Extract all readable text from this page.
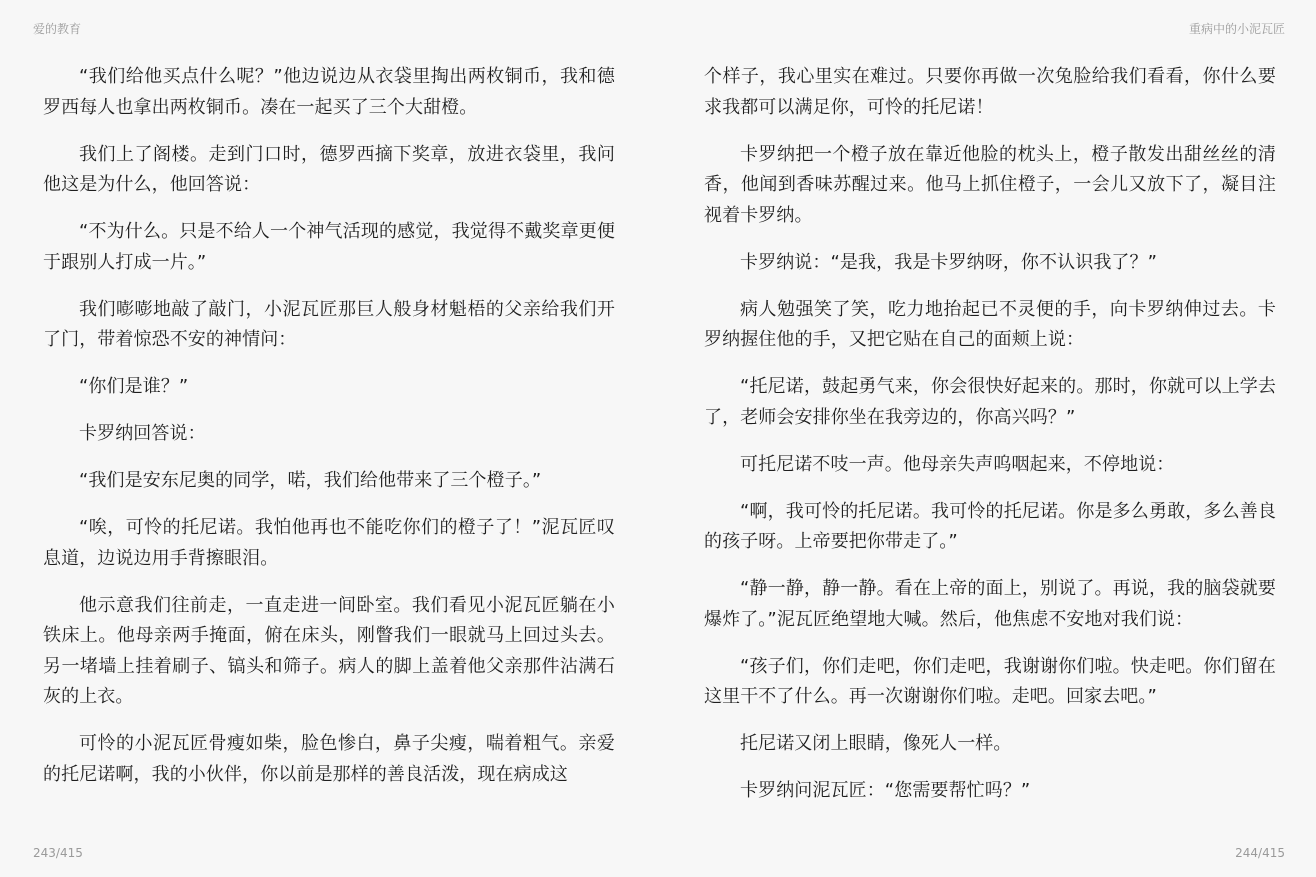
爱的教育	重病中的小泥瓦匠

“我们给他买点什么呢？”他边说边从衣袋里掏出两枚铜币，我和德罗西每人也拿出两枚铜币。凑在一起买了三个大甜橙。

我们上了阁楼。走到门口时，德罗西摘下奖章，放进衣袋里，我问他这是为什么，他回答说：

“不为什么。只是不给人一个神气活现的感觉，我觉得不戴奖章更便于跟别人打成一片。”

我们嘭嘭地敲了敲门，小泥瓦匠那巨人般身材魁梧的父亲给我们开了门，带着惊恐不安的神情问：

“你们是谁？”

卡罗纳回答说：

“我们是安东尼奥的同学，喏，我们给他带来了三个橙子。”

“唉，可怜的托尼诺。我怕他再也不能吃你们的橙子了！”泥瓦匠叹息道，边说边用手背擦眼泪。

他示意我们往前走，一直走进一间卧室。我们看见小泥瓦匠躺在小铁床上。他母亲两手掩面，俯在床头，刚瞥我们一眼就马上回过头去。另一堵墙上挂着刷子、镐头和筛子。病人的脚上盖着他父亲那件沾满石灰的上衣。

可怜的小泥瓦匠骨瘦如柴，脸色惨白，鼻子尖瘦，喘着粗气。亲爱的托尼诺啊，我的小伙伴，你以前是那样的善良活泼，现在病成这

个样子，我心里实在难过。只要你再做一次兔脸给我们看看，你什么要求我都可以满足你，可怜的托尼诺！

卡罗纳把一个橙子放在靠近他脸的枕头上，橙子散发出甜丝丝的清香，他闻到香味苏醒过来。他马上抓住橙子，一会儿又放下了，凝目注视着卡罗纳。

卡罗纳说：“是我，我是卡罗纳呀，你不认识我了？”

病人勉强笑了笑，吃力地抬起已不灵便的手，向卡罗纳伸过去。卡罗纳握住他的手，又把它贴在自己的面颊上说：

“托尼诺，鼓起勇气来，你会很快好起来的。那时，你就可以上学去了，老师会安排你坐在我旁边的，你高兴吗？”

可托尼诺不吱一声。他母亲失声呜咽起来，不停地说：

“啊，我可怜的托尼诺。我可怜的托尼诺。你是多么勇敢，多么善良的孩子呀。上帝要把你带走了。”

“静一静，静一静。看在上帝的面上，别说了。再说，我的脑袋就要爆炸了。”泥瓦匠绝望地大喊。然后，他焦虑不安地对我们说：

“孩子们，你们走吧，你们走吧，我谢谢你们啦。快走吧。你们留在这里干不了什么。再一次谢谢你们啦。走吧。回家去吧。”

托尼诺又闭上眼睛，像死人一样。

卡罗纳问泥瓦匠：“您需要帮忙吗？”

243/415	244/415
